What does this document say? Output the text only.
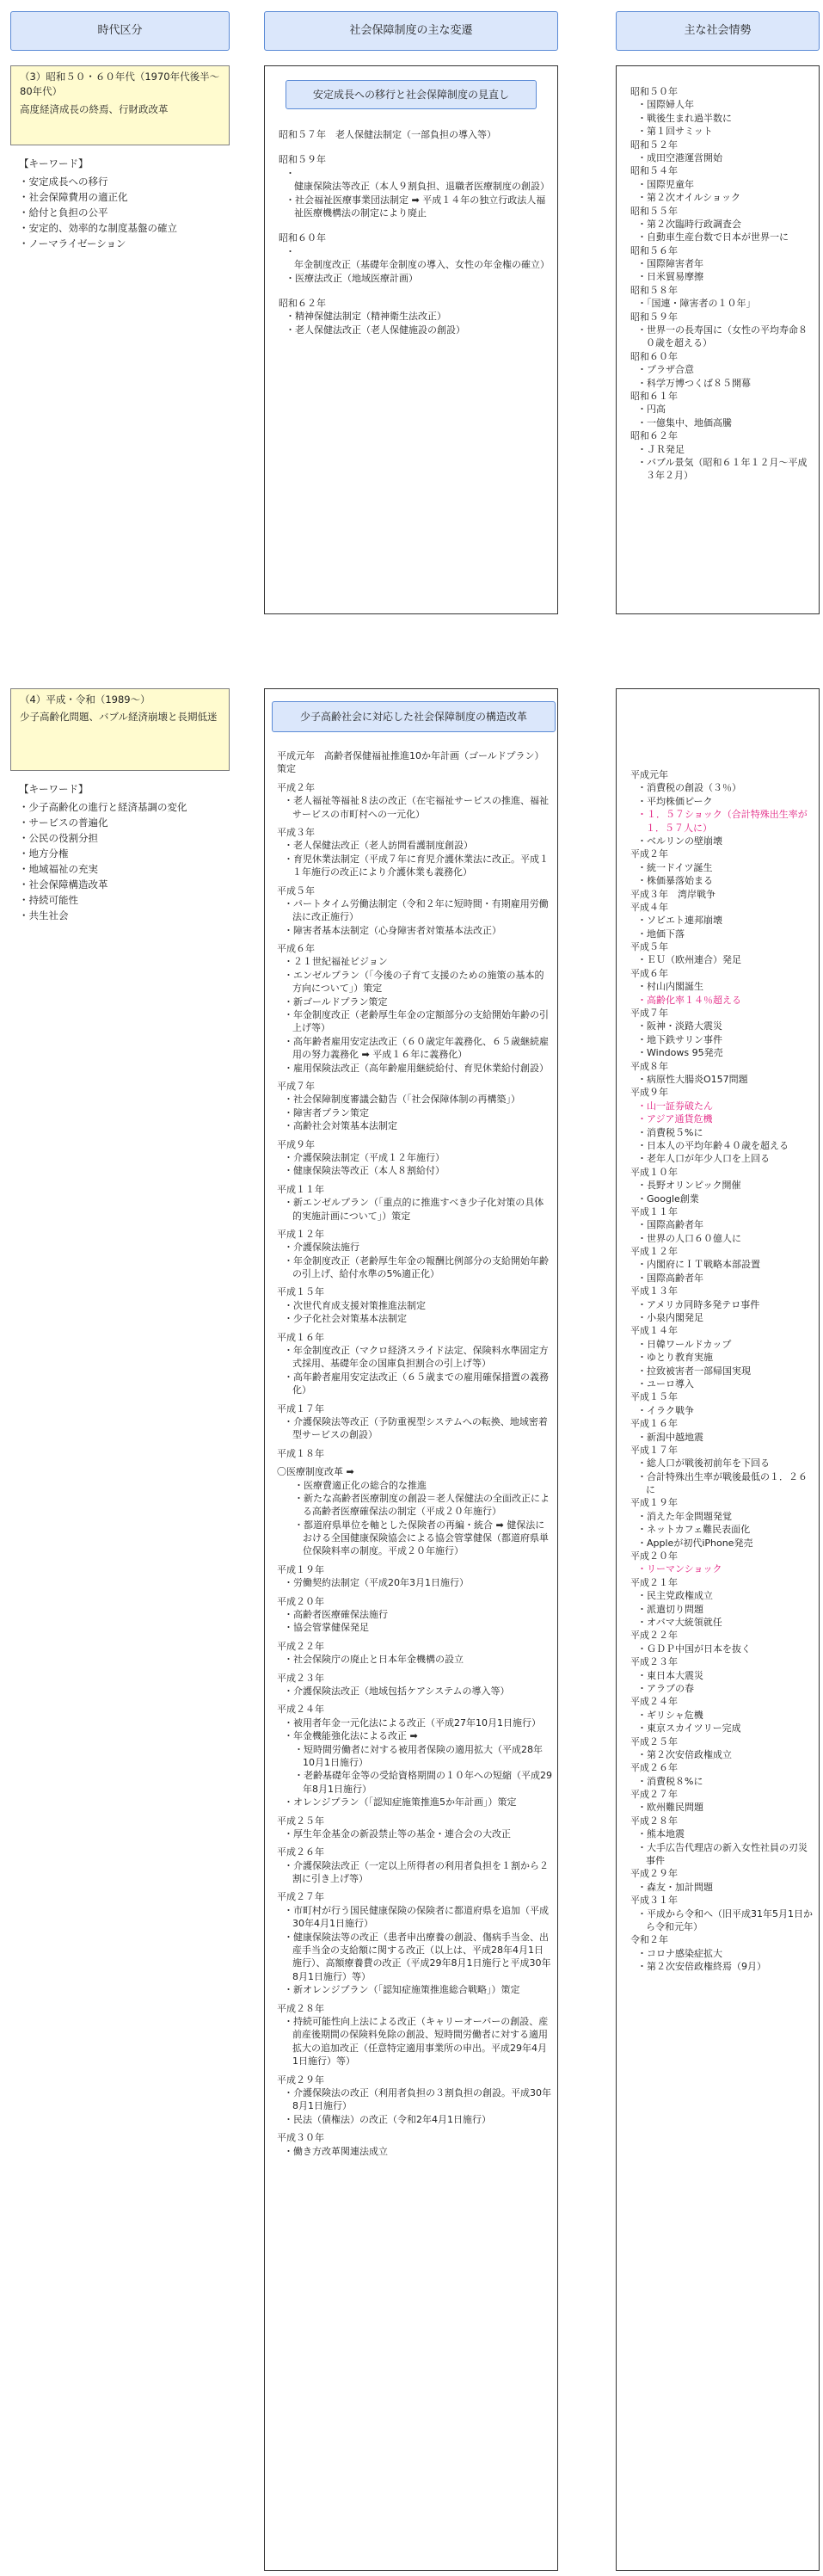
時代区分	社会保障制度の主な変遷	主な社会情勢
（3）昭和５０・６０年代（1970年代後半～80年代）
高度経済成長の終焉、行財政改革
【キーワード】
・ 安定成長への移行
・ 社会保障費用の適正化
・ 給付と負担の公平
・ 安定的、効率的な制度基盤の確立
・ ノーマライゼーション
安定成長への移行と社会保障制度の見直し
昭和５７年　老人保健法制定（一部負担の導入等）
昭和５９年
・ 健康保険法等改正（本人９割負担、退職者医療制度の創設）
・ 社会福祉医療事業団法制定 ➡ 平成１４年の独立行政法人福祉医療機構法の制定により廃止
昭和６０年
・ 年金制度改正（基礎年金制度の導入、女性の年金権の確立）
・ 医療法改正（地域医療計画）
昭和６２年
・ 精神保健法制定（精神衛生法改正）
・ 老人保健法改正（老人保健施設の創設）
昭和５０年
・ 国際婦人年
・ 戦後生まれ過半数に
・ 第１回サミット
昭和５２年
・ 成田空港運営開始
昭和５４年
・ 国際児童年
・ 第２次オイルショック
昭和５５年
・ 第２次臨時行政調査会
・ 自動車生産台数で日本が世界一に
昭和５６年
・ 国際障害者年
・ 日米貿易摩擦
昭和５８年
・ 「国連・障害者の１０年」
昭和５９年
・ 世界一の長寿国に（女性の平均寿命８０歳を超える）
昭和６０年
・ プラザ合意
・ 科学万博つくば８５開幕
昭和６１年
・ 円高
・ 一億集中、地価高騰
昭和６２年
・ ＪＲ発足
・ バブル景気（昭和６１年１２月～平成３年２月）
（4）平成・令和（1989～）
少子高齢化問題、バブル経済崩壊と長期低迷
【キーワード】
・ 少子高齢化の進行と経済基調の変化
・ サービスの普遍化
・ 公民の役割分担
・ 地方分権
・ 地域福祉の充実
・ 社会保障構造改革
・ 持続可能性
・ 共生社会
少子高齢社会に対応した社会保障制度の構造改革
平成元年　高齢者保健福祉推進10か年計画（ゴールドプラン）策定
平成２年
・ 老人福祉等福祉８法の改正（在宅福祉サービスの推進、福祉サービスの市町村への一元化）
平成３年
・ 老人保健法改正（老人訪問看護制度創設）
・ 育児休業法制定（平成７年に育児介護休業法に改正。平成１１年施行の改正により介護休業も義務化）
平成５年
・ パートタイム労働法制定（令和２年に短時間・有期雇用労働法に改正施行）
・ 障害者基本法制定（心身障害者対策基本法改正）
平成６年
・ ２１世紀福祉ビジョン
・ エンゼルプラン（「今後の子育て支援のための施策の基本的方向について」）策定
・ 新ゴールドプラン策定
・ 年金制度改正（老齢厚生年金の定額部分の支給開始年齢の引上げ等）
・ 高年齢者雇用安定法改正（６０歳定年義務化、６５歳継続雇用の努力義務化 ➡ 平成１６年に義務化）
・ 雇用保険法改正（高年齢雇用継続給付、育児休業給付創設）
平成７年
・ 社会保障制度審議会勧告（「社会保障体制の再構築」）
・ 障害者プラン策定
・ 高齢社会対策基本法制定
平成９年
・ 介護保険法制定（平成１２年施行）
・ 健康保険法等改正（本人８割給付）
平成１１年
・ 新エンゼルプラン（「重点的に推進すべき少子化対策の具体的実施計画について」）策定
平成１２年
・ 介護保険法施行
・ 年金制度改正（老齢厚生年金の報酬比例部分の支給開始年齢の引上げ、給付水準の5%適正化）
平成１５年
・ 次世代育成支援対策推進法制定
・ 少子化社会対策基本法制定
平成１６年
・ 年金制度改正（マクロ経済スライド法定、保険料水準固定方式採用、基礎年金の国庫負担割合の引上げ等）
・ 高年齢者雇用安定法改正（６５歳までの雇用確保措置の義務化）
平成１７年
・ 介護保険法等改正（予防重視型システムへの転換、地域密着型サービスの創設）
平成１８年
〇医療制度改革 ➡
・ 医療費適正化の総合的な推進
・ 新たな高齢者医療制度の創設＝老人保健法の全面改正による高齢者医療確保法の制定（平成２０年施行）
・ 都道府県単位を軸とした保険者の再編・統合 ➡ 健保法における全国健康保険協会による協会管掌健保（都道府県単位保険料率の制度。平成２０年施行）
平成１９年
・ 労働契約法制定（平成20年3月1日施行）
平成２０年
・ 高齢者医療確保法施行
・ 協会管掌健保発足
平成２２年
・ 社会保険庁の廃止と日本年金機構の設立
平成２３年
・ 介護保険法改正（地域包括ケアシステムの導入等）
平成２４年
・ 被用者年金一元化法による改正（平成27年10月1日施行）
・ 年金機能強化法による改正 ➡
・ 短時間労働者に対する被用者保険の適用拡大（平成28年10月1日施行）
・ 老齢基礎年金等の受給資格期間の１０年への短縮（平成29年8月1日施行）
・ オレンジプラン（「認知症施策推進5か年計画」）策定
平成２５年
・ 厚生年金基金の新設禁止等の基金・連合会の大改正
平成２６年
・ 介護保険法改正（一定以上所得者の利用者負担を１割から２割に引き上げ等）
平成２７年
・ 市町村が行う国民健康保険の保険者に都道府県を追加（平成30年4月1日施行）
・ 健康保険法等の改正（患者申出療養の創設、傷病手当金、出産手当金の支給額に関する改正（以上は、平成28年4月1日施行）、高額療養費の改正（平成29年8月1日施行と平成30年8月1日施行）等）
・ 新オレンジプラン（「認知症施策推進総合戦略」）策定
平成２８年
・ 持続可能性向上法による改正（キャリーオーバーの創設、産前産後期間の保険料免除の創設、短時間労働者に対する適用拡大の追加改正（任意特定適用事業所の申出。平成29年4月1日施行）等）
平成２９年
・ 介護保険法の改正（利用者負担の３割負担の創設。平成30年8月1日施行）
・ 民法（債権法）の改正（令和2年4月1日施行）
平成３０年
・ 働き方改革関連法成立
平成元年
・ 消費税の創設（３％）
・ 平均株価ピーク
・ １．５７ショック（合計特殊出生率が１．５７人に）
・ ベルリンの壁崩壊
平成２年
・ 統一ドイツ誕生
・ 株価暴落始まる
平成３年　湾岸戦争
平成４年
・ ソビエト連邦崩壊
・ 地価下落
平成５年
・ ＥＵ（欧州連合）発足
平成６年
・ 村山内閣誕生
・ 高齢化率１４％超える
平成７年
・ 阪神・淡路大震災
・ 地下鉄サリン事件
・ Windows 95発売
平成８年
・ 病原性大腸炎O157問題
平成９年
・ 山一証券破たん
・ アジア通貨危機
・ 消費税５%に
・ 日本人の平均年齢４０歳を超える
・ 老年人口が年少人口を上回る
平成１０年
・ 長野オリンピック開催
・ Google創業
平成１１年
・ 国際高齢者年
・ 世界の人口６０億人に
平成１２年
・ 内閣府にＩＴ戦略本部設置
・ 国際高齢者年
平成１３年
・ アメリカ同時多発テロ事件
・ 小泉内閣発足
平成１４年
・ 日韓ワールドカップ
・ ゆとり教育実施
・ 拉致被害者一部帰国実現
・ ユーロ導入
平成１５年
・ イラク戦争
平成１６年
・ 新潟中越地震
平成１７年
・ 総人口が戦後初前年を下回る
・ 合計特殊出生率が戦後最低の１．２６に
平成１９年
・ 消えた年金問題発覚
・ ネットカフェ難民表面化
・ Appleが初代iPhone発売
平成２０年
・ リーマンショック
平成２１年
・ 民主党政権成立
・ 派遣切り問題
・ オバマ大統領就任
平成２２年
・ ＧＤＰ中国が日本を抜く
平成２３年
・ 東日本大震災
・ アラブの春
平成２４年
・ ギリシャ危機
・ 東京スカイツリー完成
平成２５年
・ 第２次安倍政権成立
平成２６年
・ 消費税８%に
平成２７年
・ 欧州難民問題
平成２８年
・ 熊本地震
・ 大手広告代理店の新入女性社員の刃災事件
平成２９年
・ 森友・加計問題
平成３１年
・ 平成から令和へ（旧平成31年5月1日から令和元年）
令和２年
・ コロナ感染症拡大
・ 第２次安倍政権終焉（9月）
